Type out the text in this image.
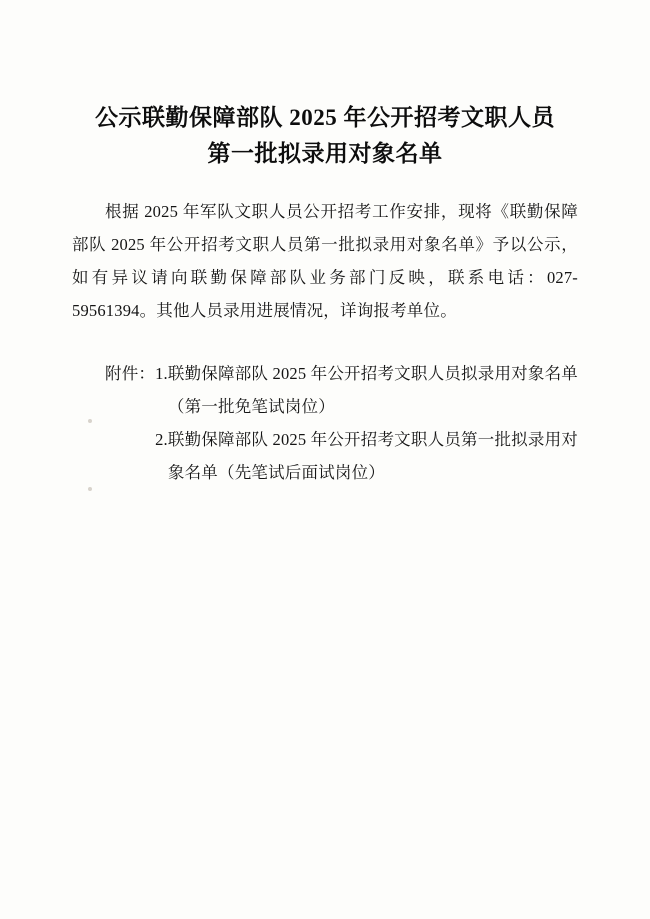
公示联勤保障部队 2025 年公开招考文职人员
第一批拟录用对象名单

根据 2025 年军队文职人员公开招考工作安排，现将《联勤保障部队 2025 年公开招考文职人员第一批拟录用对象名单》予以公示，如有异议请向联勤保障部队业务部门反映，联系电话：027-59561394。其他人员录用进展情况，详询报考单位。

附件： 1. 联勤保障部队 2025 年公开招考文职人员拟录用对象名单（第一批免笔试岗位）
2. 联勤保障部队 2025 年公开招考文职人员第一批拟录用对象名单（先笔试后面试岗位）
